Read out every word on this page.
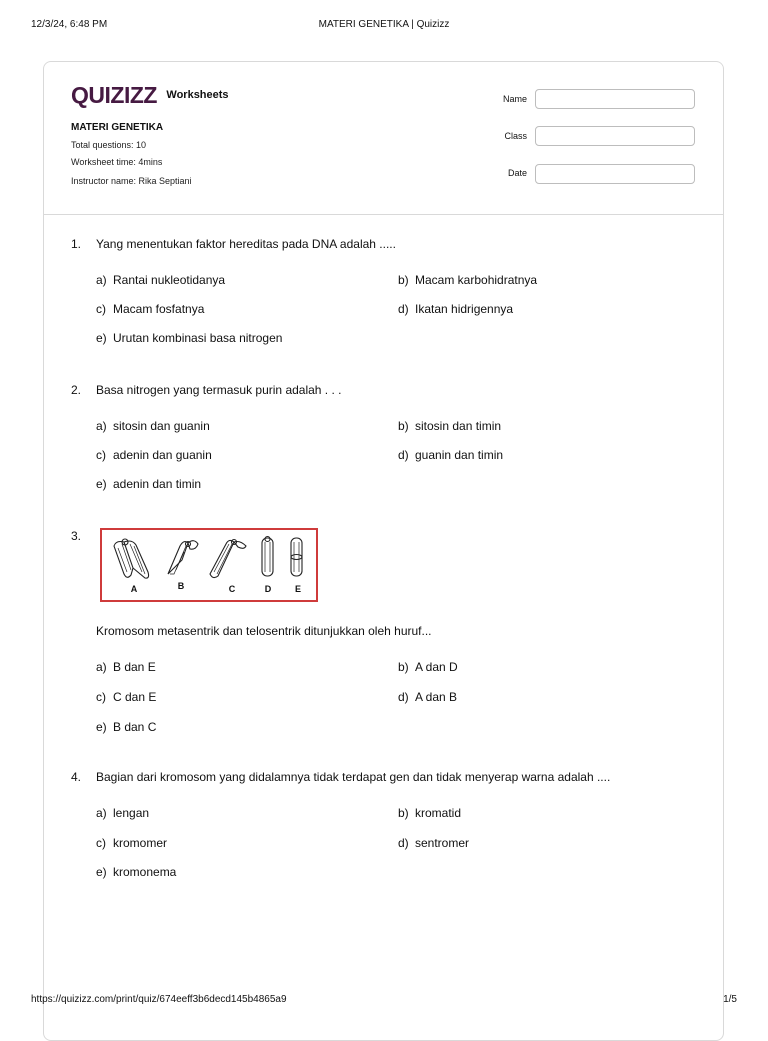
12/3/24, 6:48 PM	MATERI GENETIKA | Quizizz
QUIZIZZ Worksheets
MATERI GENETIKA
Total questions: 10
Worksheet time: 4mins
Instructor name: Rika Septiani
Name
Class
Date
1.	Yang menentukan faktor hereditas pada DNA adalah .....
a) Rantai nukleotidanya	b) Macam karbohidratnya
c) Macam fosfatnya	d) Ikatan hidrigennya
e) Urutan kombinasi basa nitrogen
2.	Basa nitrogen yang termasuk purin adalah . . .
a) sitosin dan guanin	b) sitosin dan timin
c) adenin dan guanin	d) guanin dan timin
e) adenin dan timin
3.
A	B	C	D	E
Kromosom metasentrik dan telosentrik ditunjukkan oleh huruf...
a) B dan E	b) A dan D
c) C dan E	d) A dan B
e) B dan C
4.	Bagian dari kromosom yang didalamnya tidak terdapat gen dan tidak menyerap warna adalah ....
a) lengan	b) kromatid
c) kromomer	d) sentromer
e) kromonema
https://quizizz.com/print/quiz/674eeff3b6decd145b4865a9	1/5
